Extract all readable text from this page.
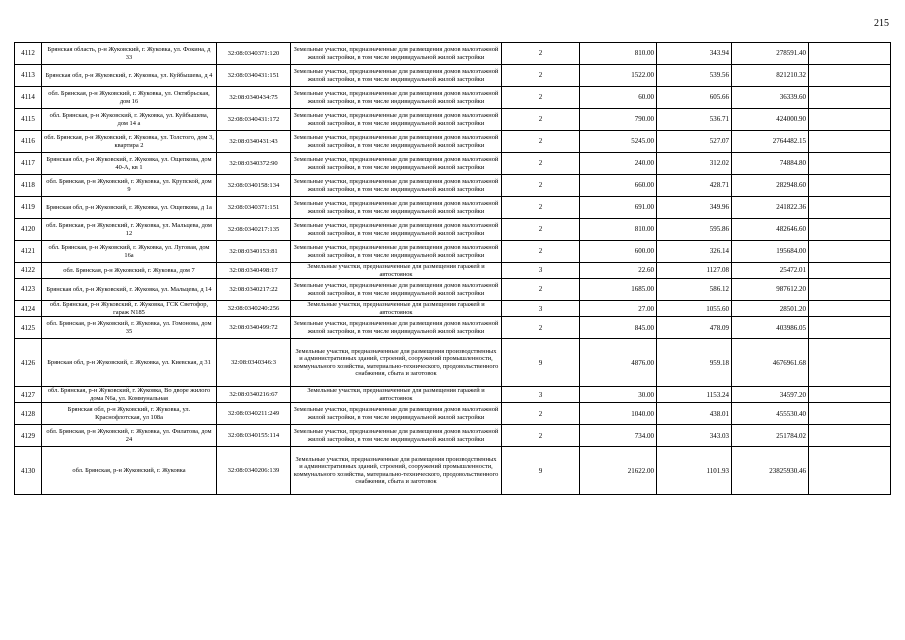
215
4112	Брянская область, р-н Жуковский, г. Жуковка, ул. Фокина, д 33	32:08:0340371:120	Земельные участки, предназначенные для размещения домов малоэтажной жилой застройки, в том числе индивидуальной жилой застройки	2	810.00	343.94	278591.40	
4113	Брянская обл, р-н Жуковский, г. Жуковка, ул. Куйбышева, д 4	32:08:0340431:151	Земельные участки, предназначенные для размещения домов малоэтажной жилой застройки, в том числе индивидуальной жилой застройки	2	1522.00	539.56	821210.32	
4114	обл. Брянская, р-н Жуковский, г. Жуковка, ул. Октябрьская, дом 16	32:08:0340434:75	Земельные участки, предназначенные для размещения домов малоэтажной жилой застройки, в том числе индивидуальной жилой застройки	2	60.00	605.66	36339.60	
4115	обл. Брянская, р-н Жуковский, г. Жуковка, ул. Куйбышева, дом 14 а	32:08:0340431:172	Земельные участки, предназначенные для размещения домов малоэтажной жилой застройки, в том числе индивидуальной жилой застройки	2	790.00	536.71	424000.90	
4116	обл. Брянская, р-н Жуковский, г. Жуковка, ул. Толстого, дом 3, квартира 2	32:08:0340431:43	Земельные участки, предназначенные для размещения домов малоэтажной жилой застройки, в том числе индивидуальной жилой застройки	2	5245.00	527.07	2764482.15	
4117	Брянская обл, р-н Жуковский, г. Жуковка, ул. Ощепкова, дом 40-А, кв 1	32:08:0340372:90	Земельные участки, предназначенные для размещения домов малоэтажной жилой застройки, в том числе индивидуальной жилой застройки	2	240.00	312.02	74884.80	
4118	обл. Брянская, р-н Жуковский, г. Жуковка, ул. Крупской, дом 9	32:08:0340158:134	Земельные участки, предназначенные для размещения домов малоэтажной жилой застройки, в том числе индивидуальной жилой застройки	2	660.00	428.71	282948.60	
4119	Брянская обл, р-н Жуковский, г. Жуковка, ул. Ощепкова, д 1а	32:08:0340371:151	Земельные участки, предназначенные для размещения домов малоэтажной жилой застройки, в том числе индивидуальной жилой застройки	2	691.00	349.96	241822.36	
4120	обл. Брянская, р-н Жуковский, г. Жуковка, ул. Мальцева, дом 12	32:08:0340217:135	Земельные участки, предназначенные для размещения домов малоэтажной жилой застройки, в том числе индивидуальной жилой застройки	2	810.00	595.86	482646.60	
4121	обл. Брянская, р-н Жуковский, г. Жуковка, ул. Луговая, дом 16а	32:08:0340153:81	Земельные участки, предназначенные для размещения домов малоэтажной жилой застройки, в том числе индивидуальной жилой застройки	2	600.00	326.14	195684.00	
4122	обл. Брянская, р-н Жуковский, г. Жуковка, дом 7	32:08:0340498:17	Земельные участки, предназначенные для размещения гаражей и автостоянок	3	22.60	1127.08	25472.01	
4123	Брянская обл, р-н Жуковский, г. Жуковка, ул. Мальцева, д 14	32:08:0340217:22	Земельные участки, предназначенные для размещения домов малоэтажной жилой застройки, в том числе индивидуальной жилой застройки	2	1685.00	586.12	987612.20	
4124	обл. Брянская, р-н Жуковский, г. Жуковка, ГСК Светофор, гараж N185	32:08:0340240:256	Земельные участки, предназначенные для размещения гаражей и автостоянок	3	27.00	1055.60	28501.20	
4125	обл. Брянская, р-н Жуковский, г. Жуковка, ул. Гомонова, дом 35	32:08:0340499:72	Земельные участки, предназначенные для размещения домов малоэтажной жилой застройки, в том числе индивидуальной жилой застройки	2	845.00	478.09	403986.05	
4126	Брянская обл, р-н Жуковский, г. Жуковка, ул. Киевская, д 31	32:08:0340346:3	Земельные участки, предназначенные для размещения производственных и административных зданий, строений, сооружений промышленности, коммунального хозяйства, материально-технического, продовольственного снабжения, сбыта и заготовок	9	4876.00	959.18	4676961.68	
4127	обл. Брянская, р-н Жуковский, г. Жуковка, Во дворе жилого дома N6а, ул. Коммунальная	32:08:0340216:67	Земельные участки, предназначенные для размещения гаражей и автостоянок	3	30.00	1153.24	34597.20	
4128	Брянская обл, р-н Жуковский, г. Жуковка, ул. Краснофлотская, ул 108а	32:08:0340211:249	Земельные участки, предназначенные для размещения домов малоэтажной жилой застройки, в том числе индивидуальной жилой застройки	2	1040.00	438.01	455530.40	
4129	обл. Брянская, р-н Жуковский, г. Жуковка, ул. Филатова, дом 24	32:08:0340155:114	Земельные участки, предназначенные для размещения домов малоэтажной жилой застройки, в том числе индивидуальной жилой застройки	2	734.00	343.03	251784.02	
4130	обл. Брянская, р-н Жуковский, г. Жуковка	32:08:0340206:139	Земельные участки, предназначенные для размещения производственных и административных зданий, строений, сооружений промышленности, коммунального хозяйства, материально-технического, продовольственного снабжения, сбыта и заготовок	9	21622.00	1101.93	23825930.46	
